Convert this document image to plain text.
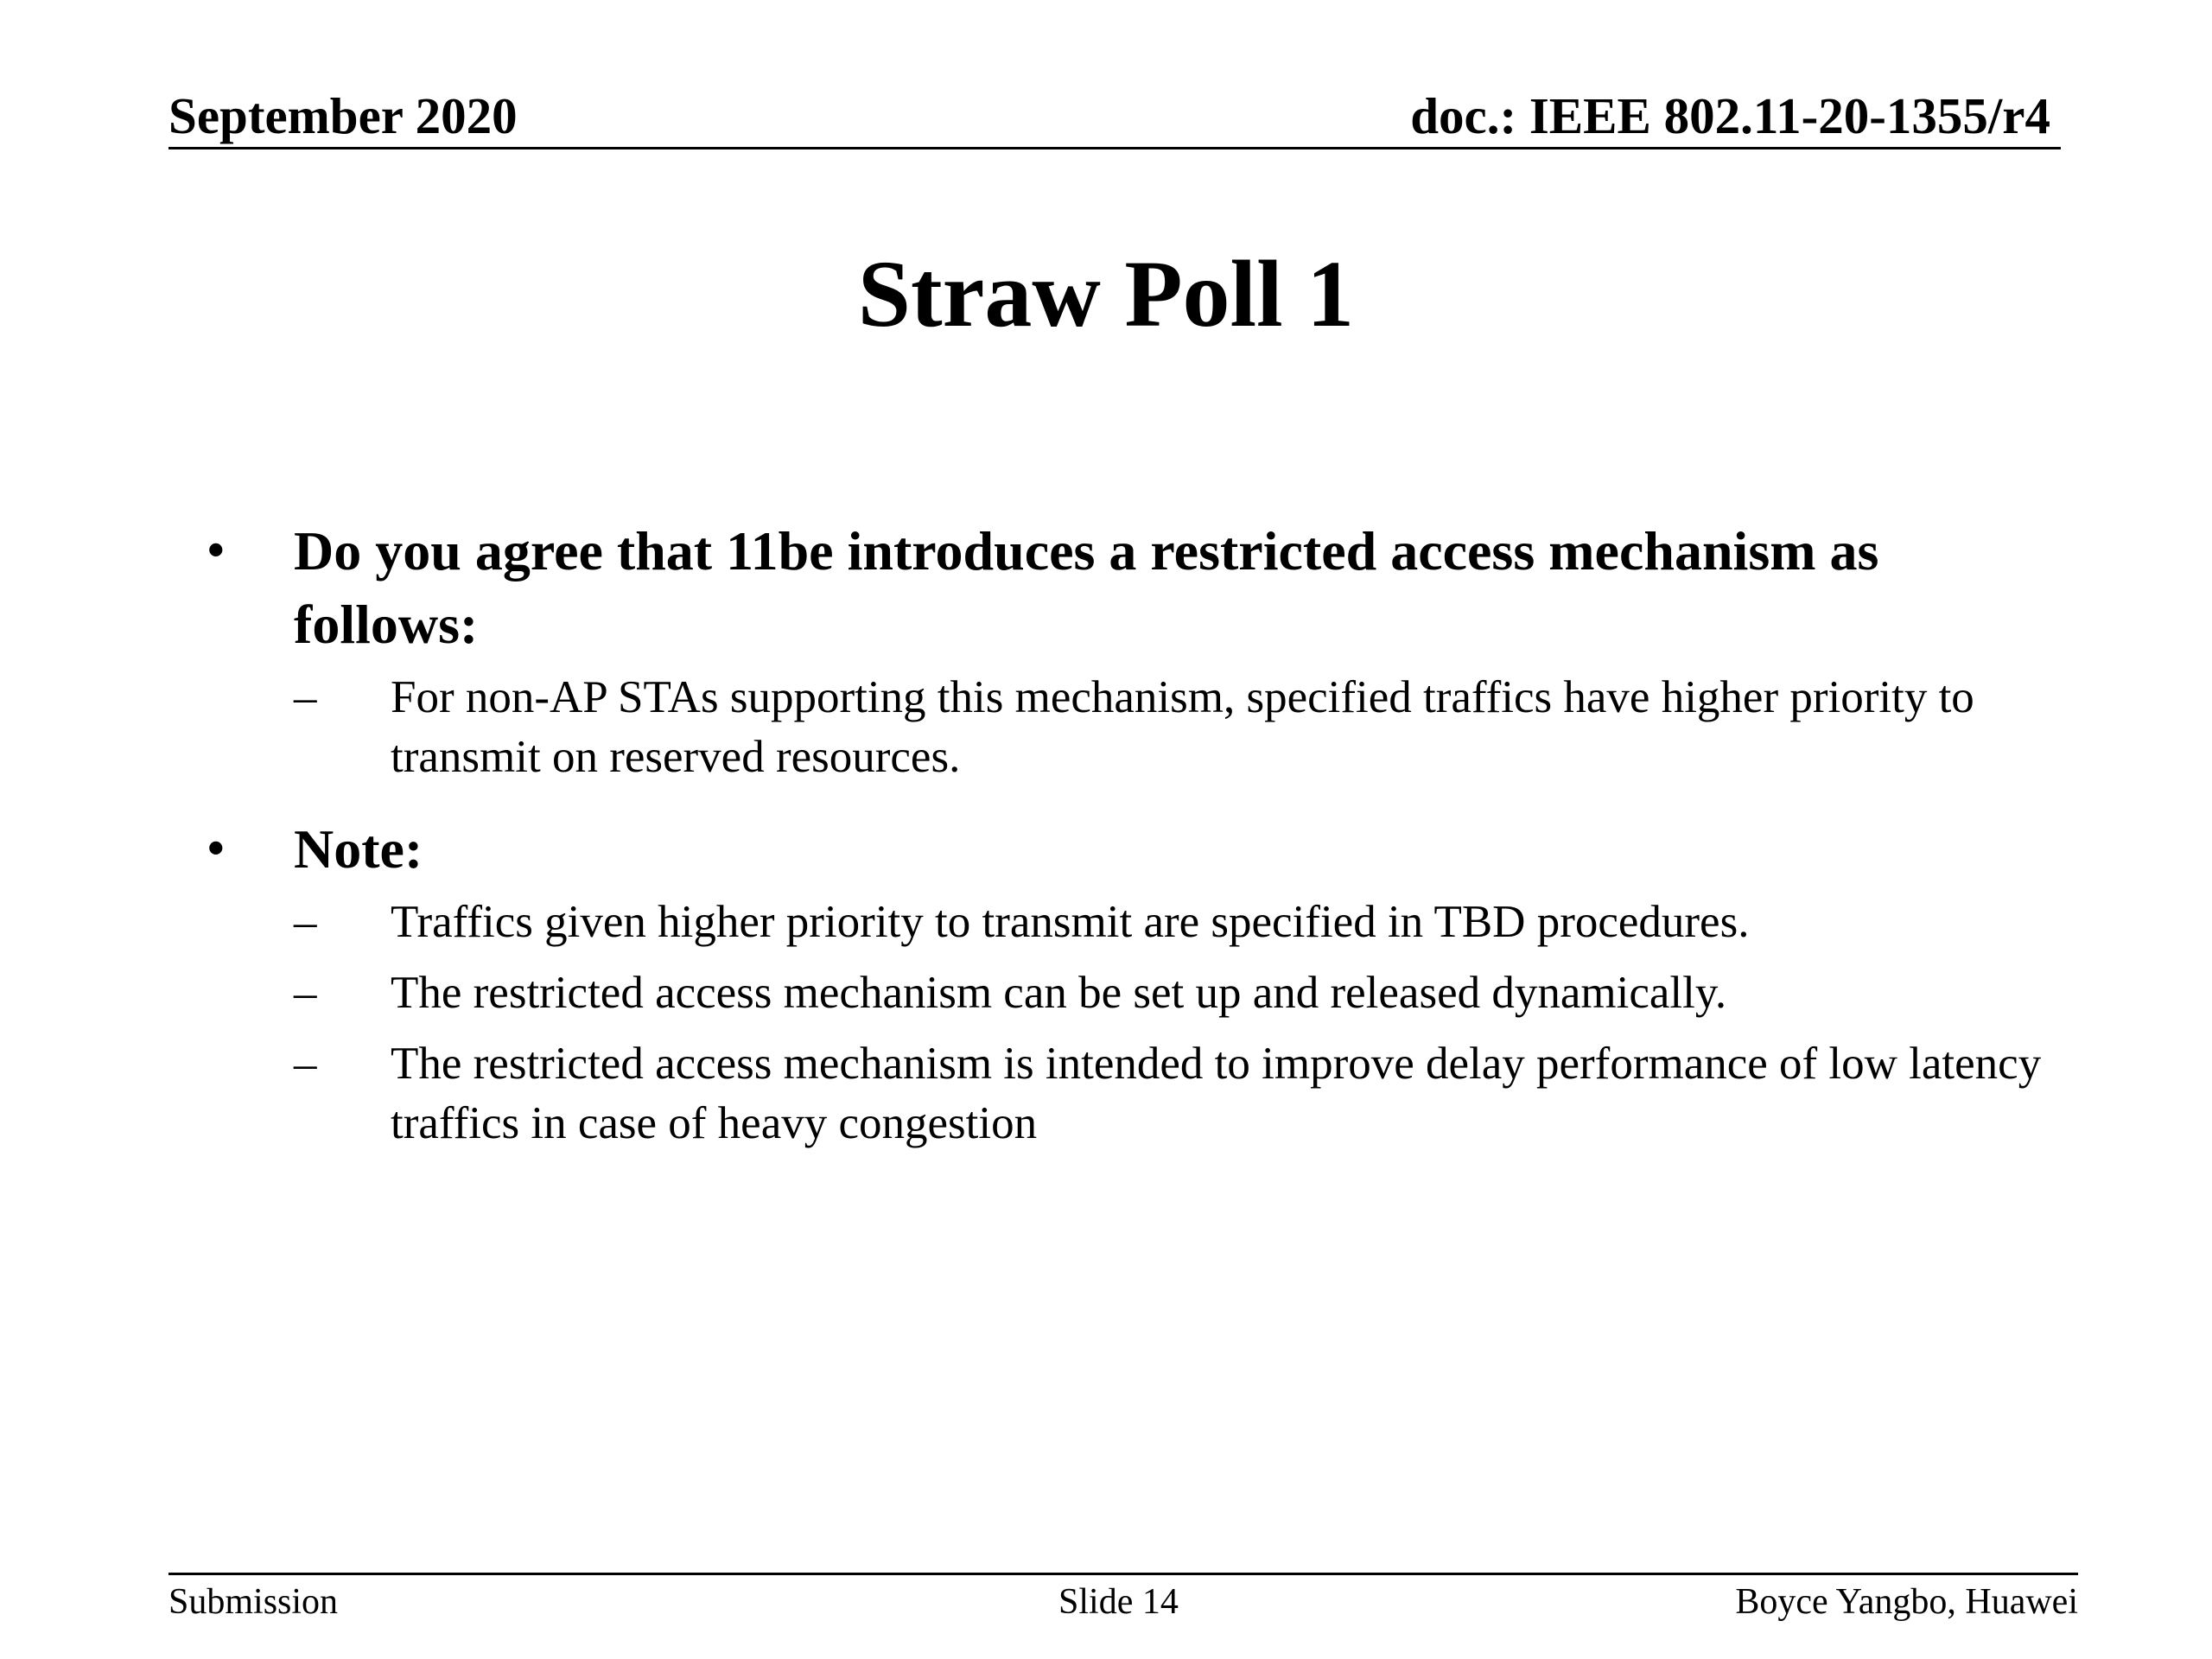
September 2020	doc.: IEEE 802.11-20-1355/r4
Straw Poll 1
•	Do you agree that 11be introduces a restricted access mechanism as follows:
–	For non-AP STAs supporting this mechanism, specified traffics have higher priority to transmit on reserved resources.
•	Note:
–	Traffics given higher priority to transmit are specified in TBD procedures.
–	The restricted access mechanism can be set up and released dynamically.
–	The restricted access mechanism is intended to improve delay performance of low latency traffics in case of heavy congestion
Submission	Slide 14	Boyce Yangbo, Huawei
